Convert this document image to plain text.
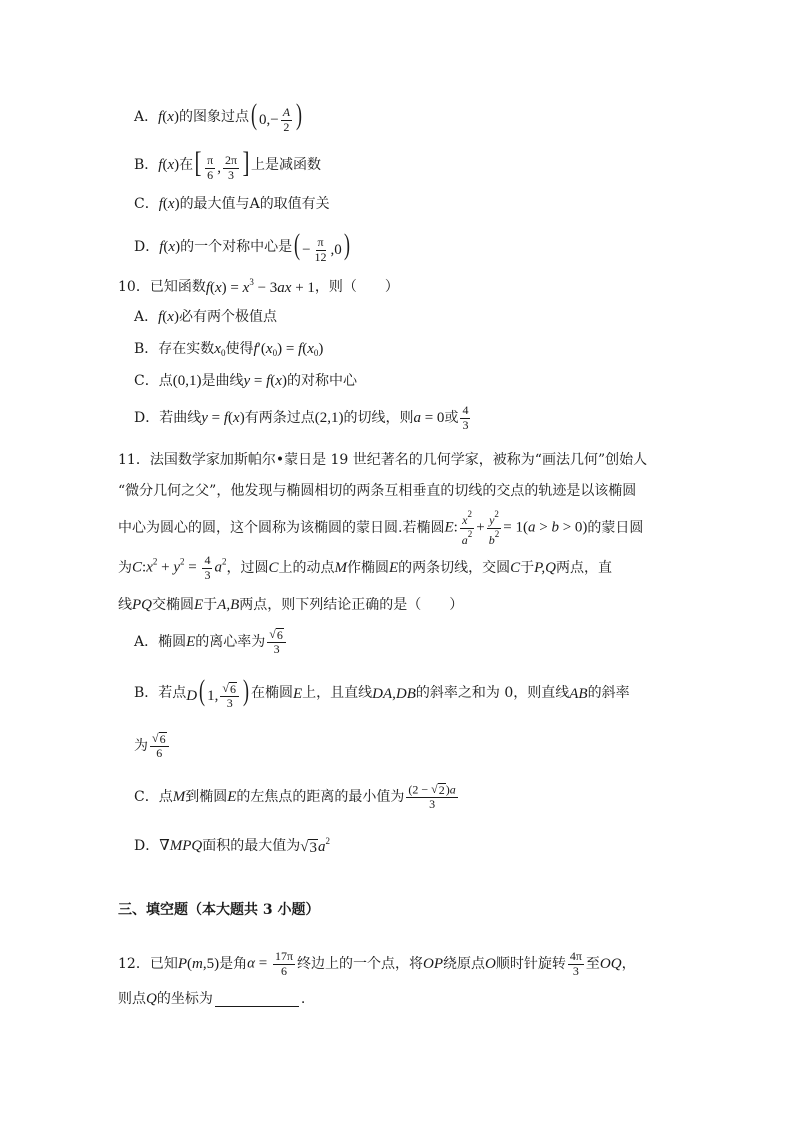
A． f(x) 的图象过点 ( $0,- \frac{A}{2}$ )
B． f(x) 在 [ $\frac{\pi}{6}$ , $\frac{2\pi}{3}$ ] 上是减函数
C． f(x) 的最大值与 A 的取值有关
D． f(x) 的一个对称中心是 ( − $\frac{\pi}{12} ,0$)
10．已知函数 $f(x) = x^3 - 3ax + 1$ ，则（　　）
A． f(x) 必有两个极值点
B．存在实数 $x_0$ 使得 $f'(x_0) = f(x_0)$
C．点 (0,1) 是曲线 y = f(x) 的对称中心
D．若曲线 y = f(x) 有两条过点 (2,1) 的切线，则 a = 0 或 $\frac{4}{3}$
11．法国数学家加斯帕尔•蒙日是 19 世纪著名的几何学家，被称为“画法几何”创始人
“微分几何之父”，他发现与椭圆相切的两条互相垂直的切线的交点的轨迹是以该椭圆
中心为圆心的圆，这个圆称为该椭圆的蒙日圆.若椭圆 E: $\frac{x^2}{a^2} + \frac{y^2}{b^2} = 1(a > b > 0)$ 的蒙日圆
为 $C:x^2 + y^2 = \frac{4}{3} a^2$ ，过圆 C 上的动点 M 作椭圆 E 的两条切线，交圆 C 于 P,Q 两点，直
线 PQ 交椭圆 E 于 A,B 两点，则下列结论正确的是（　　）
A．椭圆 E 的离心率为 $\frac{√ 6}{3}$
B．若点 D( 1, $\frac{√ 6}{3}$ ) 在椭圆 E 上，且直线 DA,DB 的斜率之和为 0，则直线 AB 的斜率
为 $\frac{√ 6}{6}$
C．点 M 到椭圆 E 的左焦点的距离的最小值为 $\frac{(2 - √ 2 )a}{3}$
D． ∇MPQ 面积的最大值为 √ 3 $a^2$
三、填空题（本大题共 3 小题）
12．已知 P(m,5) 是角 $\alpha = \frac{17\pi}{6}$ 终边上的一个点，将 OP 绕原点 O 顺时针旋转 $\frac{4\pi}{3}$ 至 OQ ，
则点 Q 的坐标为	.
